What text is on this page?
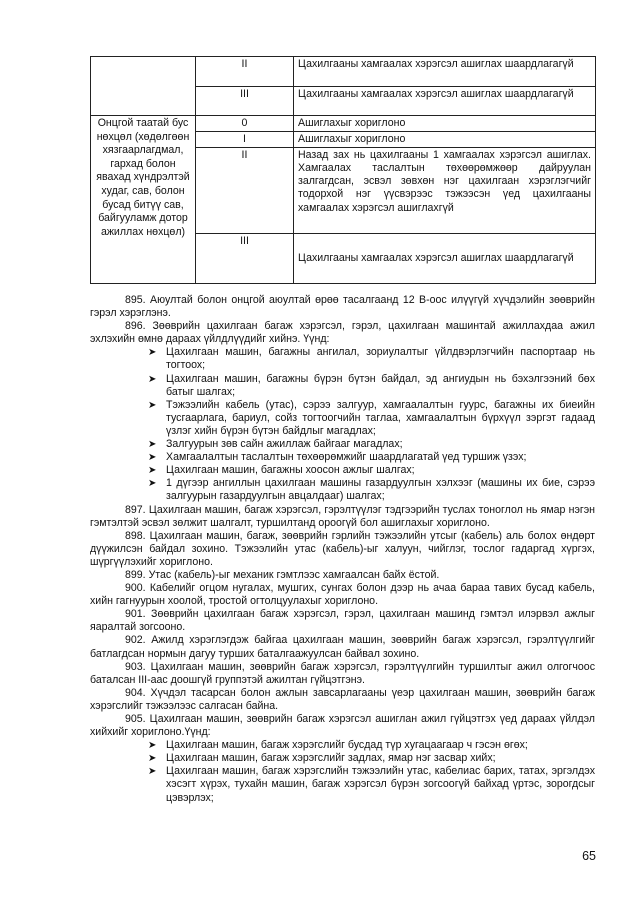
	II	Цахилгааны хамгаалах хэрэгсэл ашиглах шаардлагагүй
	III	Цахилгааны хамгаалах хэрэгсэл ашиглах шаардлагагүй
Онцгой таатай бус нөхцөл (хөдөлгөөн хязгаарлагдмал, гархад болон явахад хүндрэлтэй худаг, сав, болон бусад битүү сав, байгууламж дотор ажиллах нөхцөл)	0	Ашиглахыг хориглоно
	I	Ашиглахыг хориглоно
	II	Назад зах нь цахилгааны 1 хамгаалах хэрэгсэл ашиглах. Хамгаалах таслалтын төхөөрөмжөөр дайруулан залгагдсан, эсвэл зөвхөн нэг цахилгаан хэрэглэгчийг тодорхой нэг үүсвэрээс тэжээсэн үед цахилгааны хамгаалах хэрэгсэл ашиглахгүй
	III	Цахилгааны хамгаалах хэрэгсэл ашиглах шаардлагагүй

895. Аюултай болон онцгой аюултай өрөө тасалгаанд 12 В-оос илүүгүй хүчдэлийн зөөврийн гэрэл хэрэглэнэ.

896. Зөөврийн цахилгаан багаж хэрэгсэл, гэрэл, цахилгаан машинтай ажиллахдаа ажил эхлэхийн өмнө дараах үйлдлүүдийг хийнэ. Үүнд:

➤ Цахилгаан машин, багажны ангилал, зориулалтыг үйлдвэрлэгчийн паспортаар нь тогтоох;

➤ Цахилгаан машин, багажны бүрэн бүтэн байдал, эд ангиудын нь бэхэлгээний бөх батыг шалгах;

➤ Тэжээлийн кабель (утас), сэрээ залгуур, хамгаалалтын гуурс, багажны их биеийн тусгаарлага, бариул, сойз тогтоогчийн таглаа, хамгаалалтын бүрхүүл зэргэт гадаад үзлэг хийн бүрэн бүтэн байдлыг магадлах;

➤ Залгуурын зөв сайн ажиллаж байгааг магадлах;

➤ Хамгаалалтын таслалтын төхөөрөмжийг шаардлагатай үед туршиж үзэх;

➤ Цахилгаан машин, багажны хоосон ажлыг шалгах;

➤ 1 дүгээр ангиллын цахилгаан машины газардуулгын хэлхээг (машины их бие, сэрээ залгуурын газардуулгын авцалдааг) шалгах;

897. Цахилгаан машин, багаж хэрэгсэл, гэрэлтүүлэг тэдгээрийн туслах тоноглол нь ямар нэгэн гэмтэлтэй эсвэл зөлжит шалгалт, туршилтанд ороогүй бол ашиглахыг хориглоно.

898. Цахилгаан машин, багаж, зөөврийн гэрлийн тэжээлийн утсыг (кабель) аль болох өндөрт дүүжилсэн байдал зохино. Тэжээлийн утас (кабель)-ыг халуун, чийглэг, тослог гадаргад хүргэх, шүргүүлэхийг хориглоно.

899. Утас (кабель)-ыг механик гэмтлээс хамгаалсан байх ёстой.

900. Кабелийг огцом нугалах, мушгих, сунгах болон дээр нь ачаа бараа тавих бусад кабель, хийн гагнуурын хоолой, тростой огтолцуулахыг хориглоно.

901. Зөөврийн цахилгаан багаж хэрэгсэл, гэрэл, цахилгаан машинд гэмтэл илэрвэл ажлыг яаралтай зогсооно.

902. Ажилд хэрэглэгдэж байгаа цахилгаан машин, зөөврийн багаж хэрэгсэл, гэрэлтүүлгийг батлагдсан нормын дагуу турших баталгаажуулсан байвал зохино.

903. Цахилгаан машин, зөөврийн багаж хэрэгсэл, гэрэлтүүлгийн туршилтыг ажил олгогчоос баталсан III-аас доошгүй группэтэй ажилтан гүйцэтгэнэ.

904. Хүчдэл тасарсан болон ажлын завсарлагааны үеэр цахилгаан машин, зөөврийн багаж хэрэгслийг тэжээлээс салгасан байна.

905. Цахилгаан машин, зөөврийн багаж хэрэгсэл ашиглан ажил гүйцэтгэх үед дараах үйлдэл хийхийг хориглоно.Үүнд:

➤ Цахилгаан машин, багаж хэрэгслийг бусдад түр хугацаагаар ч гэсэн өгөх;

➤ Цахилгаан машин, багаж хэрэгслийг задлах, ямар нэг засвар хийх;

➤ Цахилгаан машин, багаж хэрэгслийн тэжээлийн утас, кабелиас барих, татах, эргэлдэх хэсэгт хүрэх, тухайн машин, багаж хэрэгсэл бүрэн зогсоогүй байхад үртэс, зорогдсыг цэвэрлэх;

65
